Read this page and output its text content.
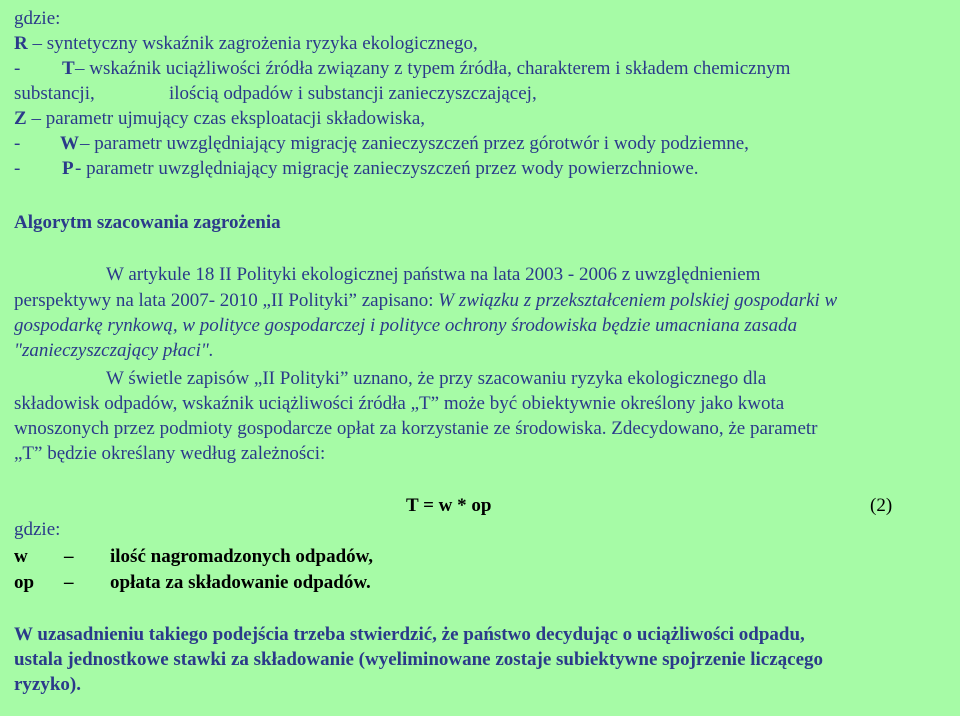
gdzie:
R – syntetyczny wskaźnik zagrożenia ryzyka ekologicznego,
- T – wskaźnik uciążliwości źródła związany z typem źródła, charakterem i składem chemicznym
substancji,	ilością odpadów i substancji zanieczyszczającej,
Z – parametr ujmujący czas eksploatacji składowiska,
- W – parametr uwzględniający migrację zanieczyszczeń przez górotwór i wody podziemne,
- P - parametr uwzględniający migrację zanieczyszczeń przez wody powierzchniowe.
Algorytm szacowania zagrożenia
W artykule 18 II Polityki ekologicznej państwa na lata 2003 - 2006 z uwzględnieniem
perspektywy na lata 2007- 2010 „II Polityki” zapisano: W związku z przekształceniem polskiej gospodarki w
gospodarkę rynkową, w polityce gospodarczej i polityce ochrony środowiska będzie umacniana zasada
"zanieczyszczający płaci".
W świetle zapisów „II Polityki” uznano, że przy szacowaniu ryzyka ekologicznego dla
składowisk odpadów, wskaźnik uciążliwości źródła „T” może być obiektywnie określony jako kwota
wnoszonych przez podmioty gospodarcze opłat za korzystanie ze środowiska. Zdecydowano, że parametr
„T” będzie określany według zależności:
T = w * op	(2)
gdzie:
w – ilość nagromadzonych odpadów,
op – opłata za składowanie odpadów.
W uzasadnieniu takiego podejścia trzeba stwierdzić, że państwo decydując o uciążliwości odpadu,
ustala jednostkowe stawki za składowanie (wyeliminowane zostaje subiektywne spojrzenie liczącego
ryzyko).
